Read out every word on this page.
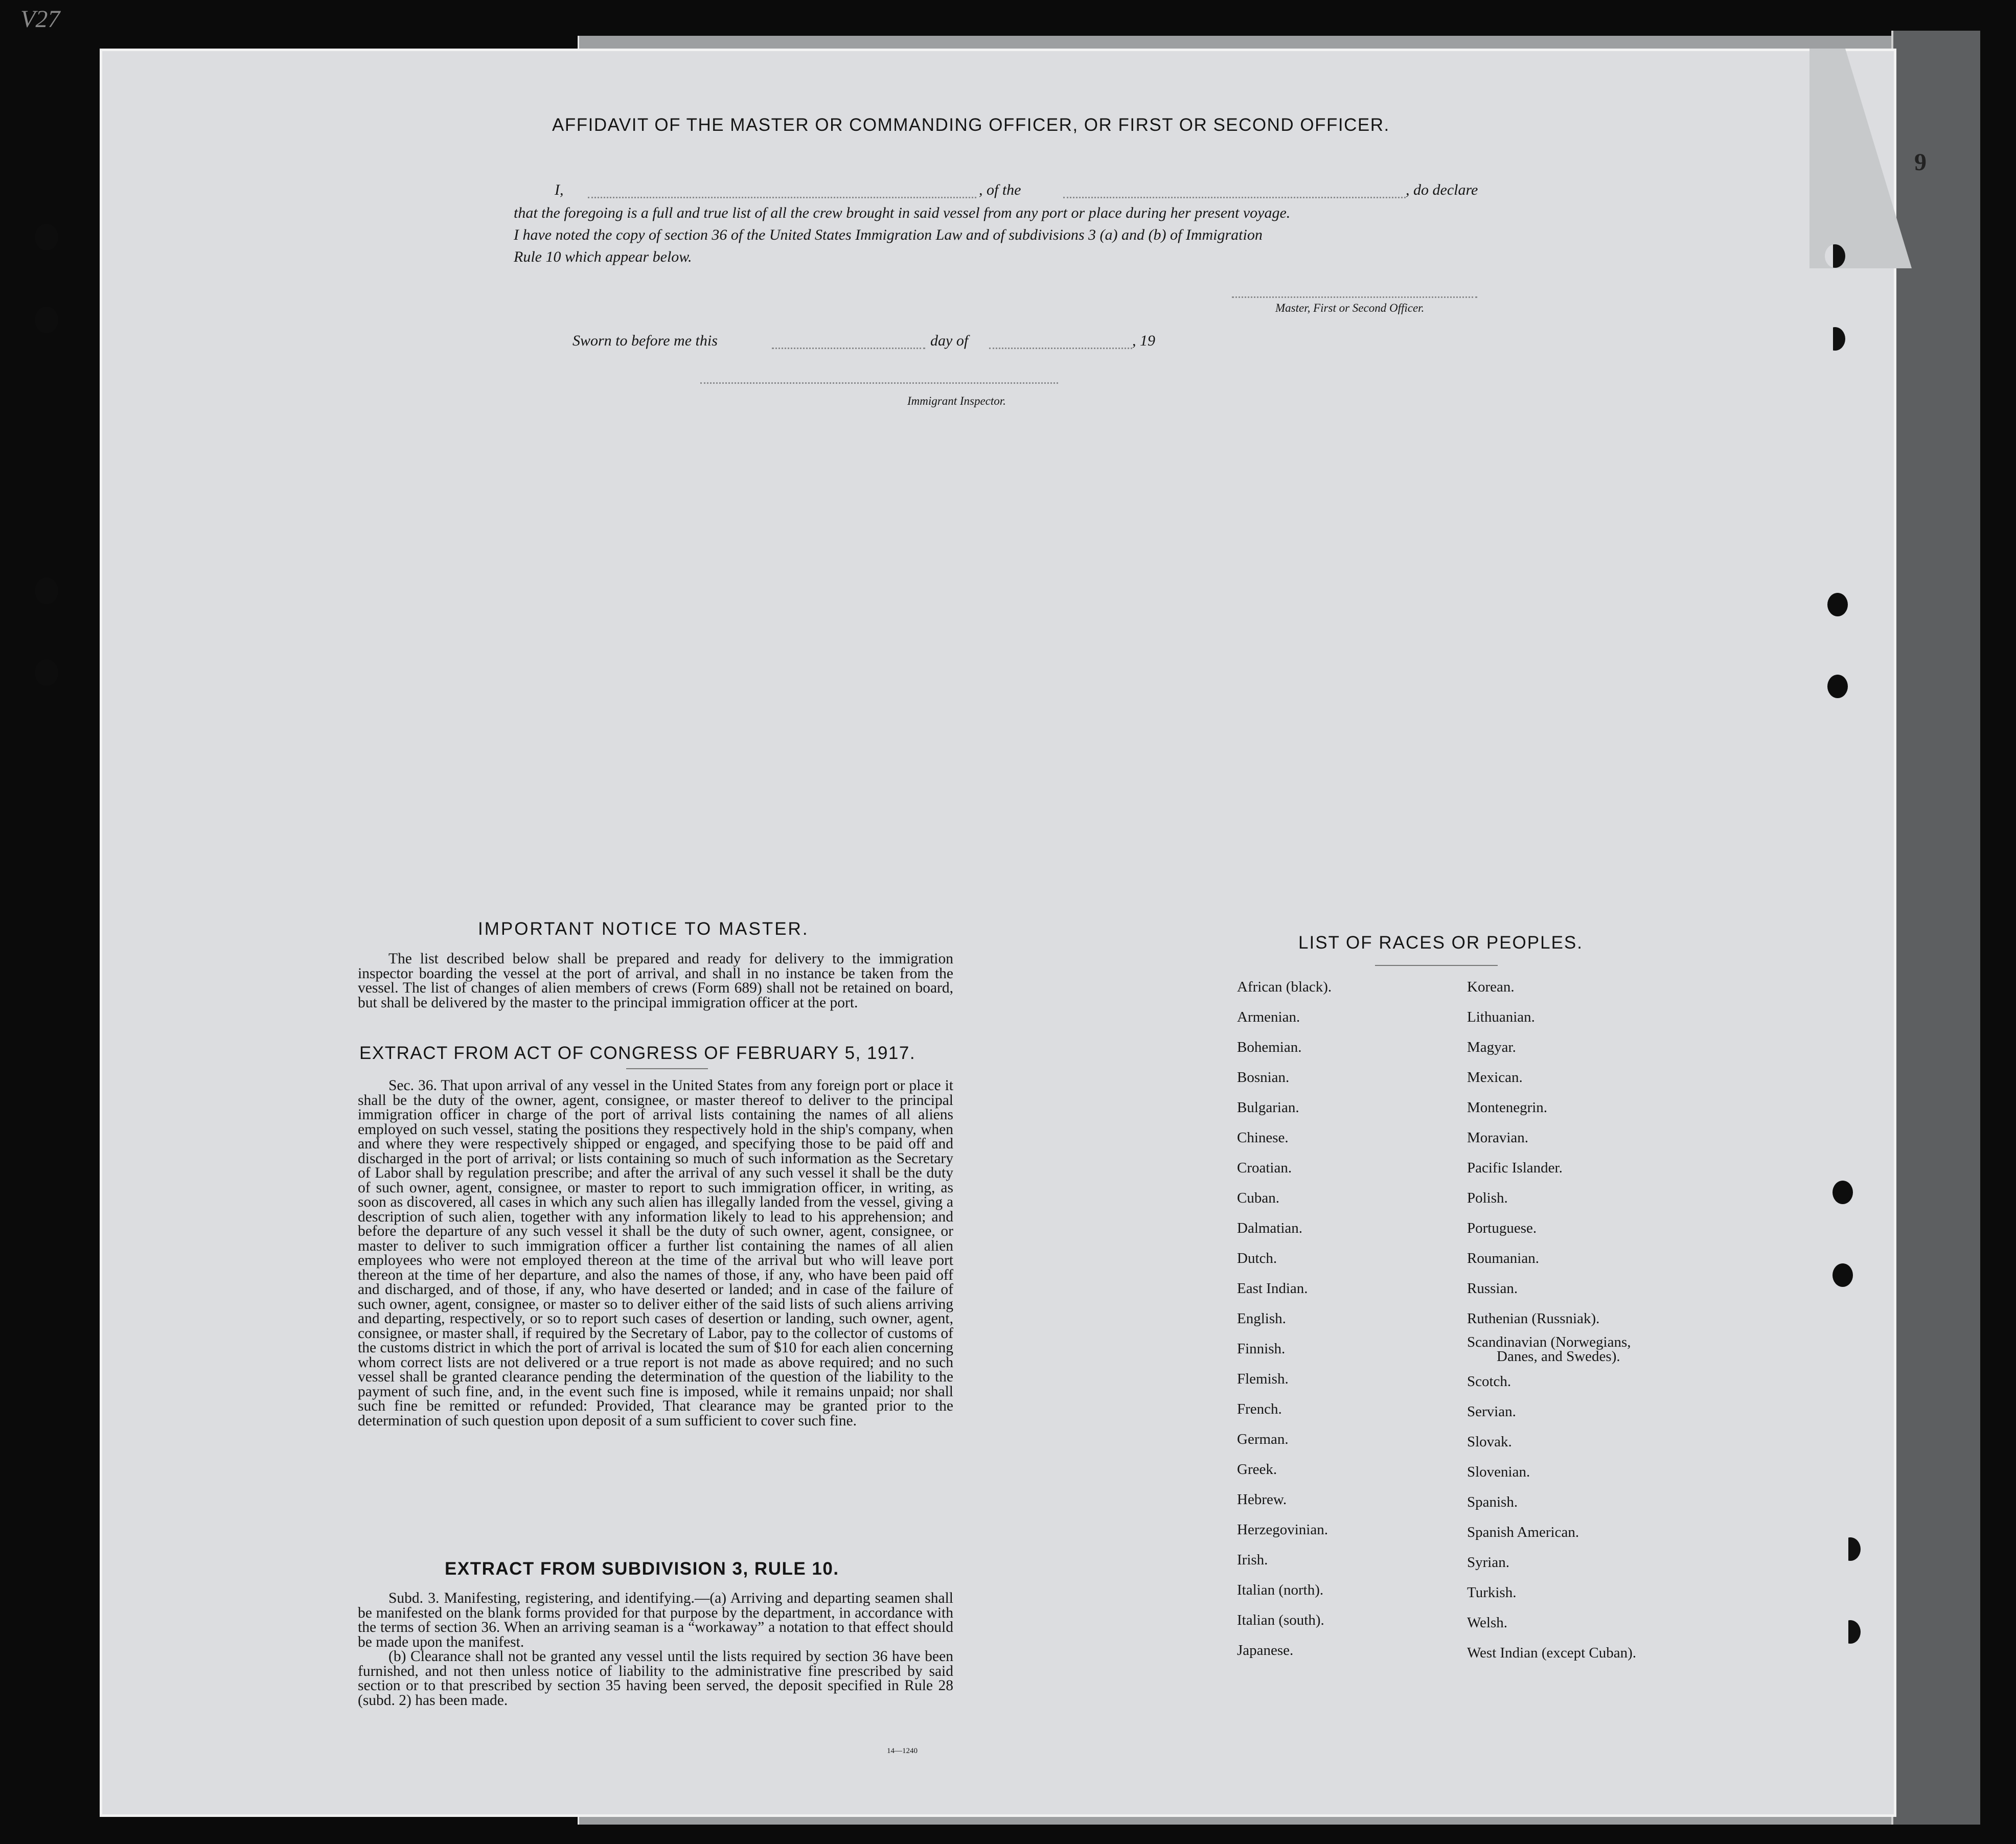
9
V27
AFFIDAVIT OF THE MASTER OR COMMANDING OFFICER, OR FIRST OR SECOND OFFICER.
I,	, of the	, do declare
that the foregoing is a full and true list of all the crew brought in said vessel from any port or place during her present voyage.
I have noted the copy of section 36 of the United States Immigration Law and of subdivisions 3 (a) and (b) of Immigration
Rule 10 which appear below.
Master, First or Second Officer.
Sworn to before me this	day of	, 19
Immigrant Inspector.
IMPORTANT NOTICE TO MASTER.

The list described below shall be prepared and ready for delivery to the immigration inspector boarding the vessel at the port of arrival, and shall in no instance be taken from the vessel. The list of changes of alien members of crews (Form 689) shall not be retained on board, but shall be delivered by the master to the principal immigration officer at the port.

EXTRACT FROM ACT OF CONGRESS OF FEBRUARY 5, 1917.

Sec. 36. That upon arrival of any vessel in the United States from any foreign port or place it shall be the duty of the owner, agent, consignee, or master thereof to deliver to the principal immigration officer in charge of the port of arrival lists containing the names of all aliens employed on such vessel, stating the positions they respectively hold in the ship's company, when and where they were respectively shipped or engaged, and specifying those to be paid off and discharged in the port of arrival; or lists containing so much of such information as the Secretary of Labor shall by regulation prescribe; and after the arrival of any such vessel it shall be the duty of such owner, agent, consignee, or master to report to such immigration officer, in writing, as soon as discovered, all cases in which any such alien has illegally landed from the vessel, giving a description of such alien, together with any information likely to lead to his apprehension; and before the departure of any such vessel it shall be the duty of such owner, agent, consignee, or master to deliver to such immigration officer a further list containing the names of all alien employees who were not employed thereon at the time of the arrival but who will leave port thereon at the time of her departure, and also the names of those, if any, who have been paid off and discharged, and of those, if any, who have deserted or landed; and in case of the failure of such owner, agent, consignee, or master so to deliver either of the said lists of such aliens arriving and departing, respectively, or so to report such cases of desertion or landing, such owner, agent, consignee, or master shall, if required by the Secretary of Labor, pay to the collector of customs of the customs district in which the port of arrival is located the sum of $10 for each alien concerning whom correct lists are not delivered or a true report is not made as above required; and no such vessel shall be granted clearance pending the determination of the question of the liability to the payment of such fine, and, in the event such fine is imposed, while it remains unpaid; nor shall such fine be remitted or refunded: Provided, That clearance may be granted prior to the determination of such question upon deposit of a sum sufficient to cover such fine.

EXTRACT FROM SUBDIVISION 3, RULE 10.

Subd. 3. Manifesting, registering, and identifying.—(a) Arriving and departing seamen shall be manifested on the blank forms provided for that purpose by the department, in accordance with the terms of section 36. When an arriving seaman is a “workaway” a notation to that effect should be made upon the manifest.

(b) Clearance shall not be granted any vessel until the lists required by section 36 have been furnished, and not then unless notice of liability to the administrative fine prescribed by said section or to that prescribed by section 35 having been served, the deposit specified in Rule 28 (subd. 2) has been made.

14—1240
LIST OF RACES OR PEOPLES.
African (black).
Armenian.
Bohemian.
Bosnian.
Bulgarian.
Chinese.
Croatian.
Cuban.
Dalmatian.
Dutch.
East Indian.
English.
Finnish.
Flemish.
French.
German.
Greek.
Hebrew.
Herzegovinian.
Irish.
Italian (north).
Italian (south).
Japanese.
Korean.
Lithuanian.
Magyar.
Mexican.
Montenegrin.
Moravian.
Pacific Islander.
Polish.
Portuguese.
Roumanian.
Russian.
Ruthenian (Russniak).
Scandinavian (Norwegians,
Danes, and Swedes).
Scotch.
Servian.
Slovak.
Slovenian.
Spanish.
Spanish American.
Syrian.
Turkish.
Welsh.
West Indian (except Cuban).
